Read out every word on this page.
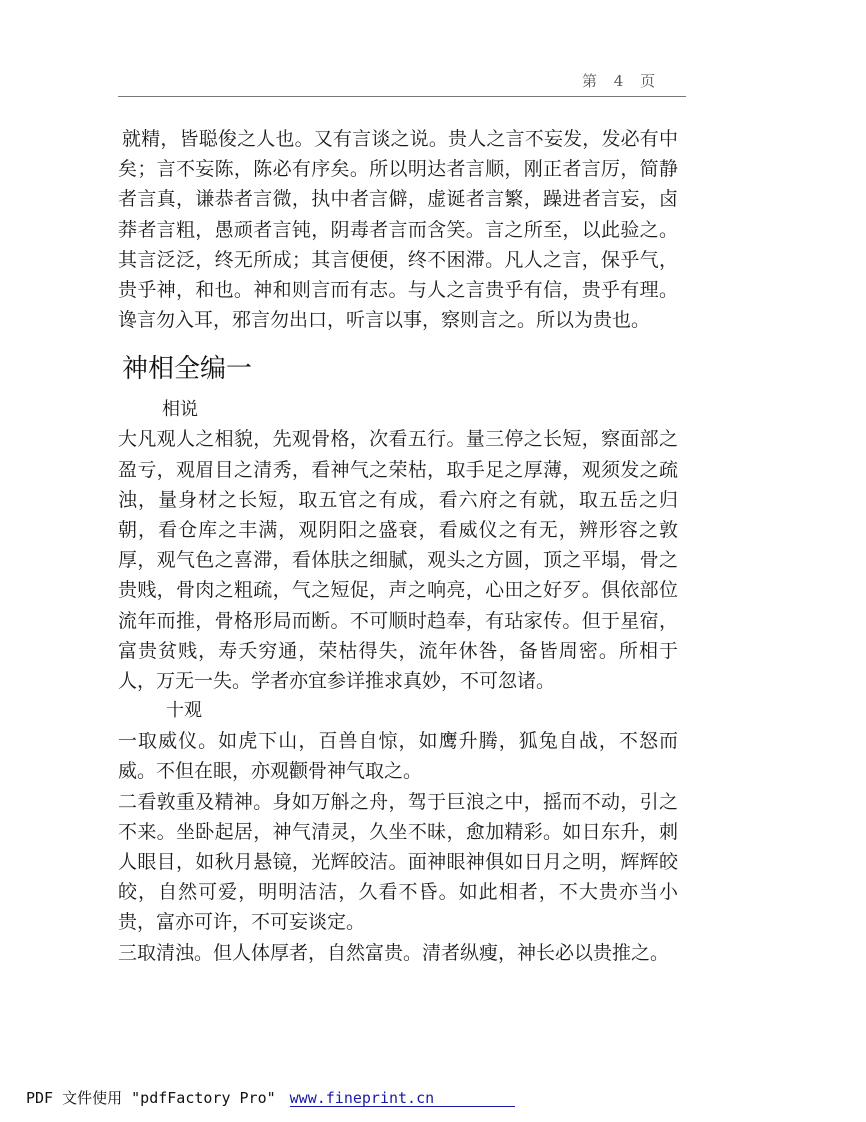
第 4 页

就精，皆聪俊之人也。又有言谈之说。贵人之言不妄发，发必有中矣；言不妄陈，陈必有序矣。所以明达者言顺，刚正者言厉，简静者言真，谦恭者言微，执中者言僻，虚诞者言繁，躁进者言妄，卤莽者言粗，愚顽者言钝，阴毒者言而含笑。言之所至，以此验之。其言泛泛，终无所成；其言便便，终不困滞。凡人之言，保乎气，贵乎神，和也。神和则言而有志。与人之言贵乎有信，贵乎有理。谗言勿入耳，邪言勿出口，听言以事，察则言之。所以为贵也。

神相全编一
相说

大凡观人之相貌，先观骨格，次看五行。量三停之长短，察面部之盈亏，观眉目之清秀，看神气之荣枯，取手足之厚薄，观须发之疏浊，量身材之长短，取五官之有成，看六府之有就，取五岳之归朝，看仓库之丰满，观阴阳之盛衰，看威仪之有无，辨形容之敦厚，观气色之喜滞，看体肤之细腻，观头之方圆，顶之平塌，骨之贵贱，骨肉之粗疏，气之短促，声之响亮，心田之好歹。俱依部位流年而推，骨格形局而断。不可顺时趋奉，有玷家传。但于星宿，富贵贫贱，寿夭穷通，荣枯得失，流年休咎，备皆周密。所相于人，万无一失。学者亦宜参详推求真妙，不可忽诸。

十观

一取威仪。如虎下山，百兽自惊，如鹰升腾，狐兔自战，不怒而威。不但在眼，亦观颧骨神气取之。

二看敦重及精神。身如万斛之舟，驾于巨浪之中，摇而不动，引之不来。坐卧起居，神气清灵，久坐不昧，愈加精彩。如日东升，刺人眼目，如秋月悬镜，光辉皎洁。面神眼神俱如日月之明，辉辉皎皎，自然可爱，明明洁洁，久看不昏。如此相者，不大贵亦当小贵，富亦可许，不可妄谈定。

三取清浊。但人体厚者，自然富贵。清者纵瘦，神长必以贵推之。

PDF 文件使用 "pdfFactory Pro" www.fineprint.cn
